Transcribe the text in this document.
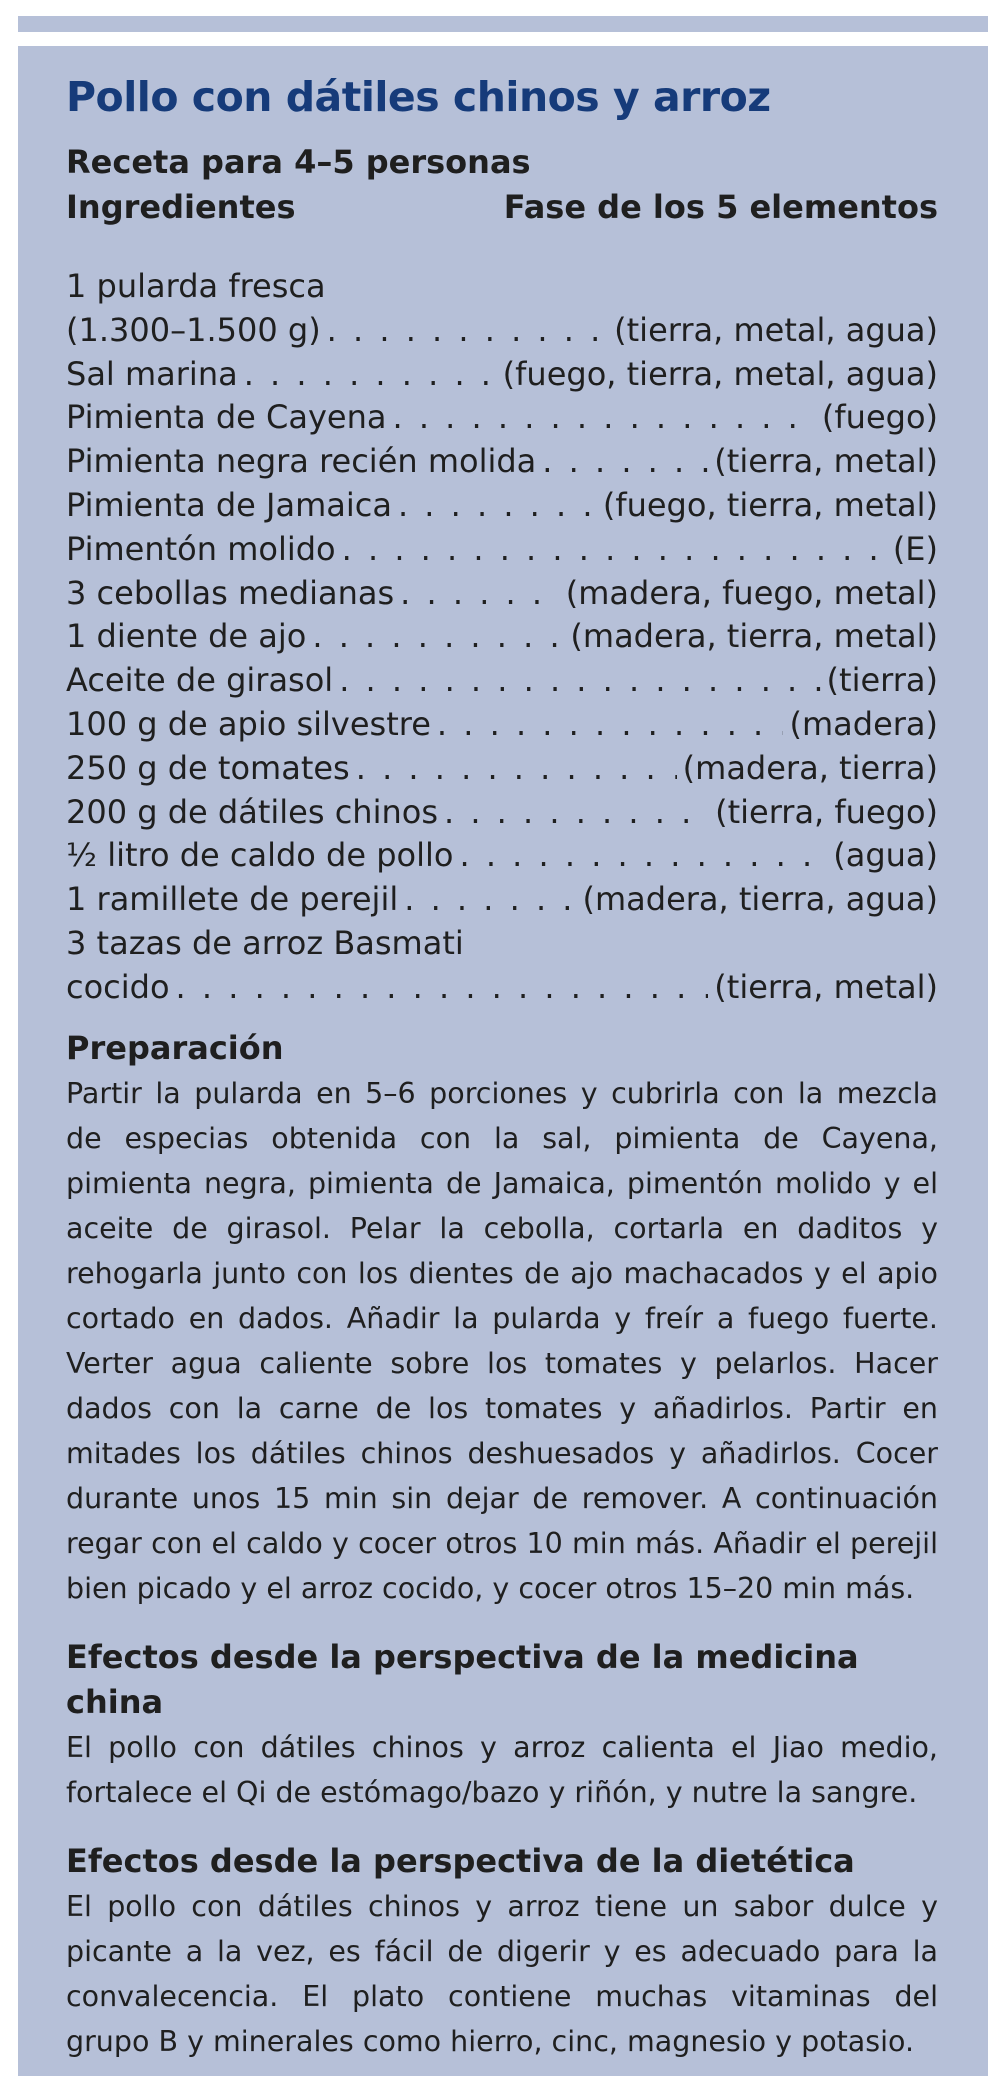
Pollo con dátiles chinos y arroz
Receta para 4–5 personas
Ingredientes	Fase de los 5 elementos
1 pularda fresca
(1.300–1.500 g) . . .	(tierra, metal, agua)
Sal marina . . .	(fuego, tierra, metal, agua)
Pimienta de Cayena . . .	(fuego)
Pimienta negra recién molida . . .	(tierra, metal)
Pimienta de Jamaica . . .	(fuego, tierra, metal)
Pimentón molido . . .	(E)
3 cebollas medianas . . .	(madera, fuego, metal)
1 diente de ajo . . .	(madera, tierra, metal)
Aceite de girasol . . .	(tierra)
100 g de apio silvestre . . .	(madera)
250 g de tomates . . .	(madera, tierra)
200 g de dátiles chinos . . .	(tierra, fuego)
½ litro de caldo de pollo . . .	(agua)
1 ramillete de perejil . . .	(madera, tierra, agua)
3 tazas de arroz Basmati
cocido . . .	(tierra, metal)
Preparación

Partir la pularda en 5–6 porciones y cubrirla con la mezcla de especias obtenida con la sal, pimienta de Cayena, pimienta negra, pimienta de Jamaica, pimentón molido y el aceite de girasol. Pelar la cebolla, cortarla en daditos y rehogarla junto con los dientes de ajo machacados y el apio cortado en dados. Añadir la pularda y freír a fuego fuerte. Verter agua caliente sobre los tomates y pelarlos. Hacer dados con la carne de los tomates y añadirlos. Partir en mitades los dátiles chinos deshuesados y añadirlos. Cocer durante unos 15 min sin dejar de remover. A continuación regar con el caldo y cocer otros 10 min más. Añadir el perejil bien picado y el arroz cocido, y cocer otros 15–20 min más.

Efectos desde la perspectiva de la medicina china

El pollo con dátiles chinos y arroz calienta el Jiao medio, fortalece el Qi de estómago/bazo y riñón, y nutre la sangre.

Efectos desde la perspectiva de la dietética

El pollo con dátiles chinos y arroz tiene un sabor dulce y picante a la vez, es fácil de digerir y es adecuado para la convalecencia. El plato contiene muchas vitaminas del grupo B y minerales como hierro, cinc, magnesio y potasio.
